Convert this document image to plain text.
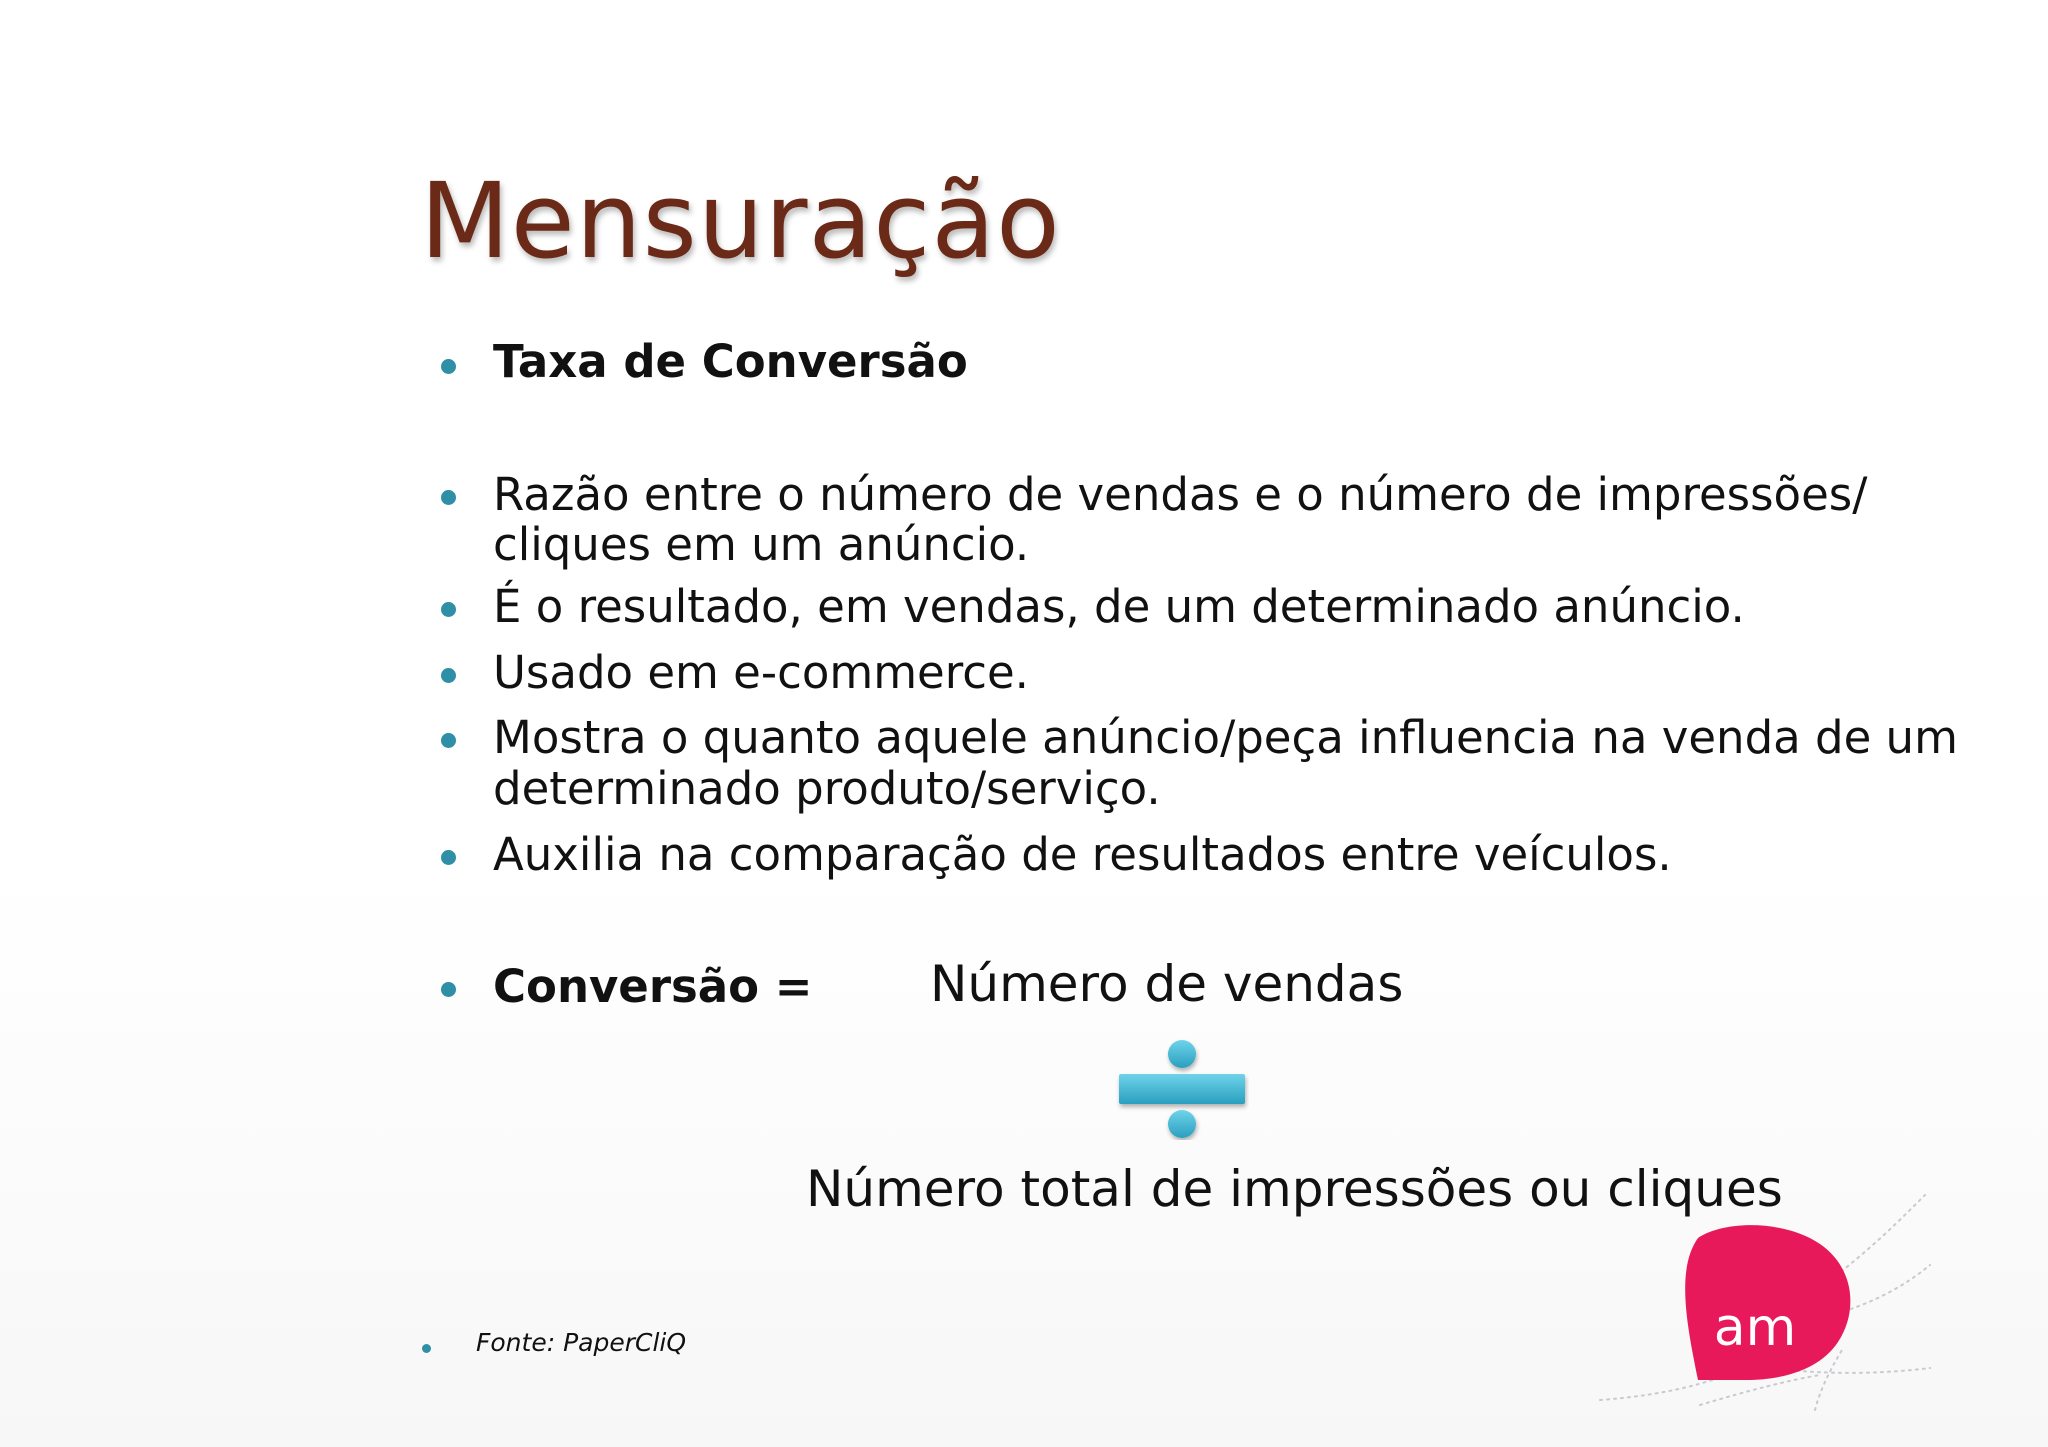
Mensuração
Taxa de Conversão
Razão entre o número de vendas e o número de impressões/
cliques em um anúncio.
É o resultado, em vendas, de um determinado anúncio.
Usado em e-commerce.
Mostra o quanto aquele anúncio/peça influencia na venda de um
determinado produto/serviço.
Auxilia na comparação de resultados entre veículos.
Conversão = Número de vendas
Número total de impressões ou cliques
Fonte: PaperCliQ	am
